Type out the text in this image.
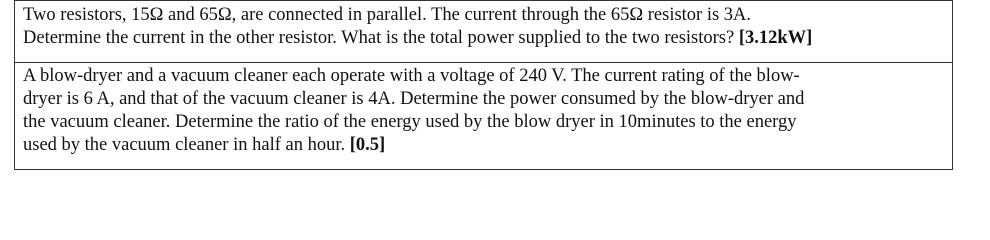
Two resistors, 15Ω and 65Ω, are connected in parallel. The current through the 65Ω resistor is 3A.
Determine the current in the other resistor. What is the total power supplied to the two resistors? [3.12kW]

A blow-dryer and a vacuum cleaner each operate with a voltage of 240 V. The current rating of the blow-
dryer is 6 A, and that of the vacuum cleaner is 4A. Determine the power consumed by the blow-dryer and
the vacuum cleaner. Determine the ratio of the energy used by the blow dryer in 10minutes to the energy
used by the vacuum cleaner in half an hour. [0.5]
